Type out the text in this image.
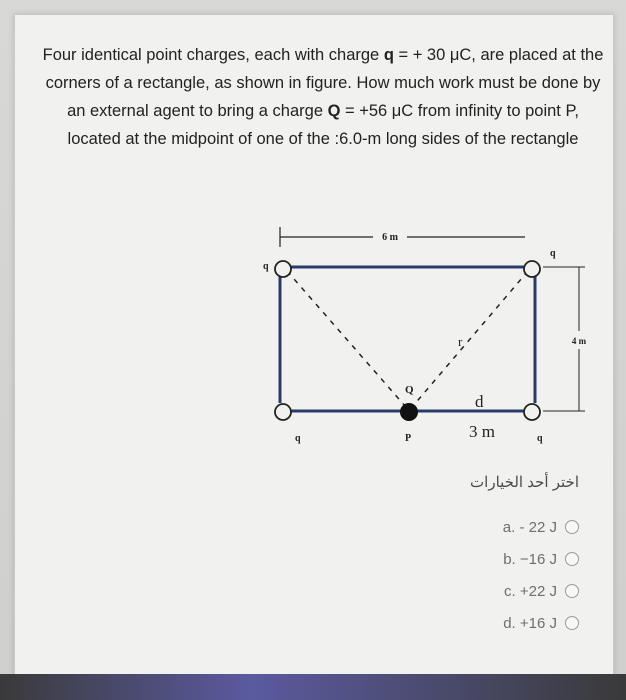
Four identical point charges, each with charge q = + 30 μC, are placed at the corners of a rectangle, as shown in figure. How much work must be done by an external agent to bring a charge Q = +56 μC from infinity to point P, located at the midpoint of one of the :6.0-m long sides of the rectangle
6 m
4 m
q
q
q	q
Q
P
r
d
3 m
اختر أحد الخيارات
a. - 22 J
b. −16 J
c. +22 J
d. +16 J
